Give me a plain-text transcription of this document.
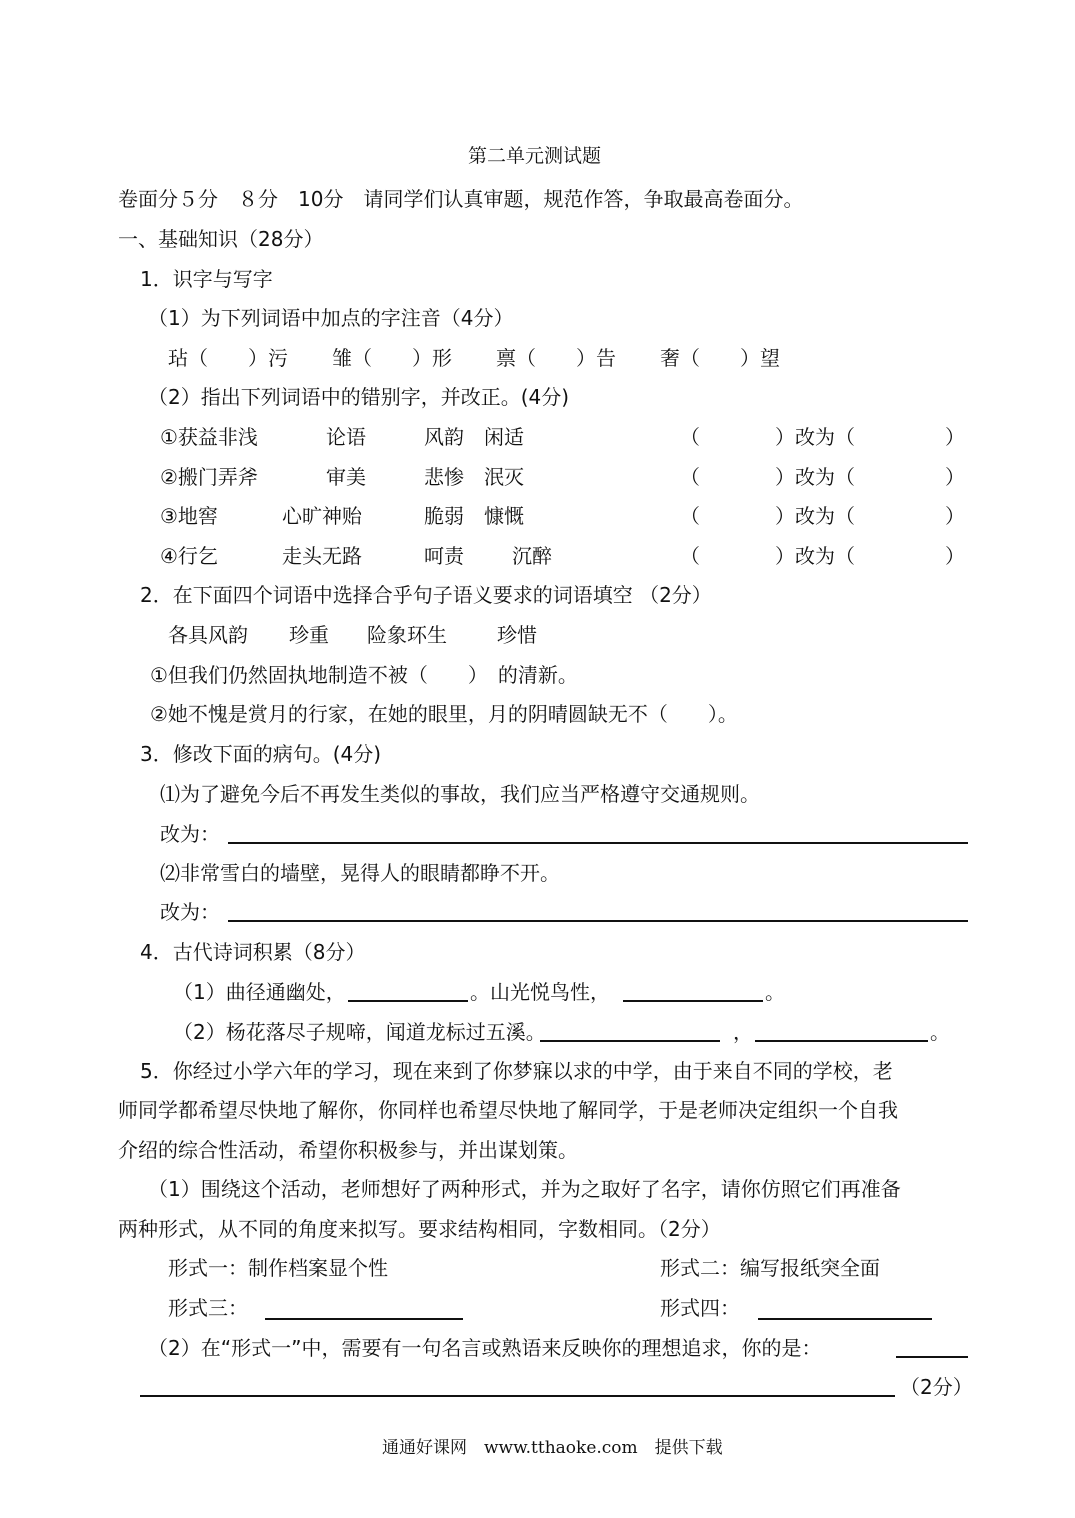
第二单元测试题
卷面分５分　８分　10分　请同学们认真审题，规范作答，争取最高卷面分。
一、基础知识（28分）
1．识字与写字
（1）为下列词语中加点的字注音（4分）
玷（　　）污 雏（　　）形 禀（　　）告 奢（　　）望
（2）指出下列词语中的错别字，并改正。(4分)
①获益非浅	论语	风韵 闲适	（	）改为（	）
②搬门弄斧	审美	悲惨 泯灭	（	）改为（	）
③地窖	心旷神贻	脆弱 慷慨	（	）改为（	）
④行乞	走头无路	呵责 沉醉	（	）改为（	）
2．在下面四个词语中选择合乎句子语义要求的词语填空 （2分）
各具风韵 珍重 险象环生	珍惜
①但我们仍然固执地制造不被（　　）　的清新。
②她不愧是赏月的行家，在她的眼里，月的阴晴圆缺无不（　　）。
3．修改下面的病句。(4分)
⑴为了避免今后不再发生类似的事故，我们应当严格遵守交通规则。
改为：
⑵非常雪白的墙壁，晃得人的眼睛都睁不开。
改为：
4．古代诗词积累（8分）
（1）曲径通幽处，	。山光悦鸟性，	。
（2）杨花落尽子规啼，闻道龙标过五溪。	，	。
5．你经过小学六年的学习，现在来到了你梦寐以求的中学，由于来自不同的学校，老
师同学都希望尽快地了解你，你同样也希望尽快地了解同学，于是老师决定组织一个自我
介绍的综合性活动，希望你积极参与，并出谋划策。
（1）围绕这个活动，老师想好了两种形式，并为之取好了名字，请你仿照它们再准备
两种形式，从不同的角度来拟写。要求结构相同，字数相同。（2分）
形式一：制作档案显个性	形式二：编写报纸突全面
形式三：	形式四：
（2）在“形式一”中，需要有一句名言或熟语来反映你的理想追求，你的是：
（2分）
通通好课网　www.tthaoke.com　提供下载
